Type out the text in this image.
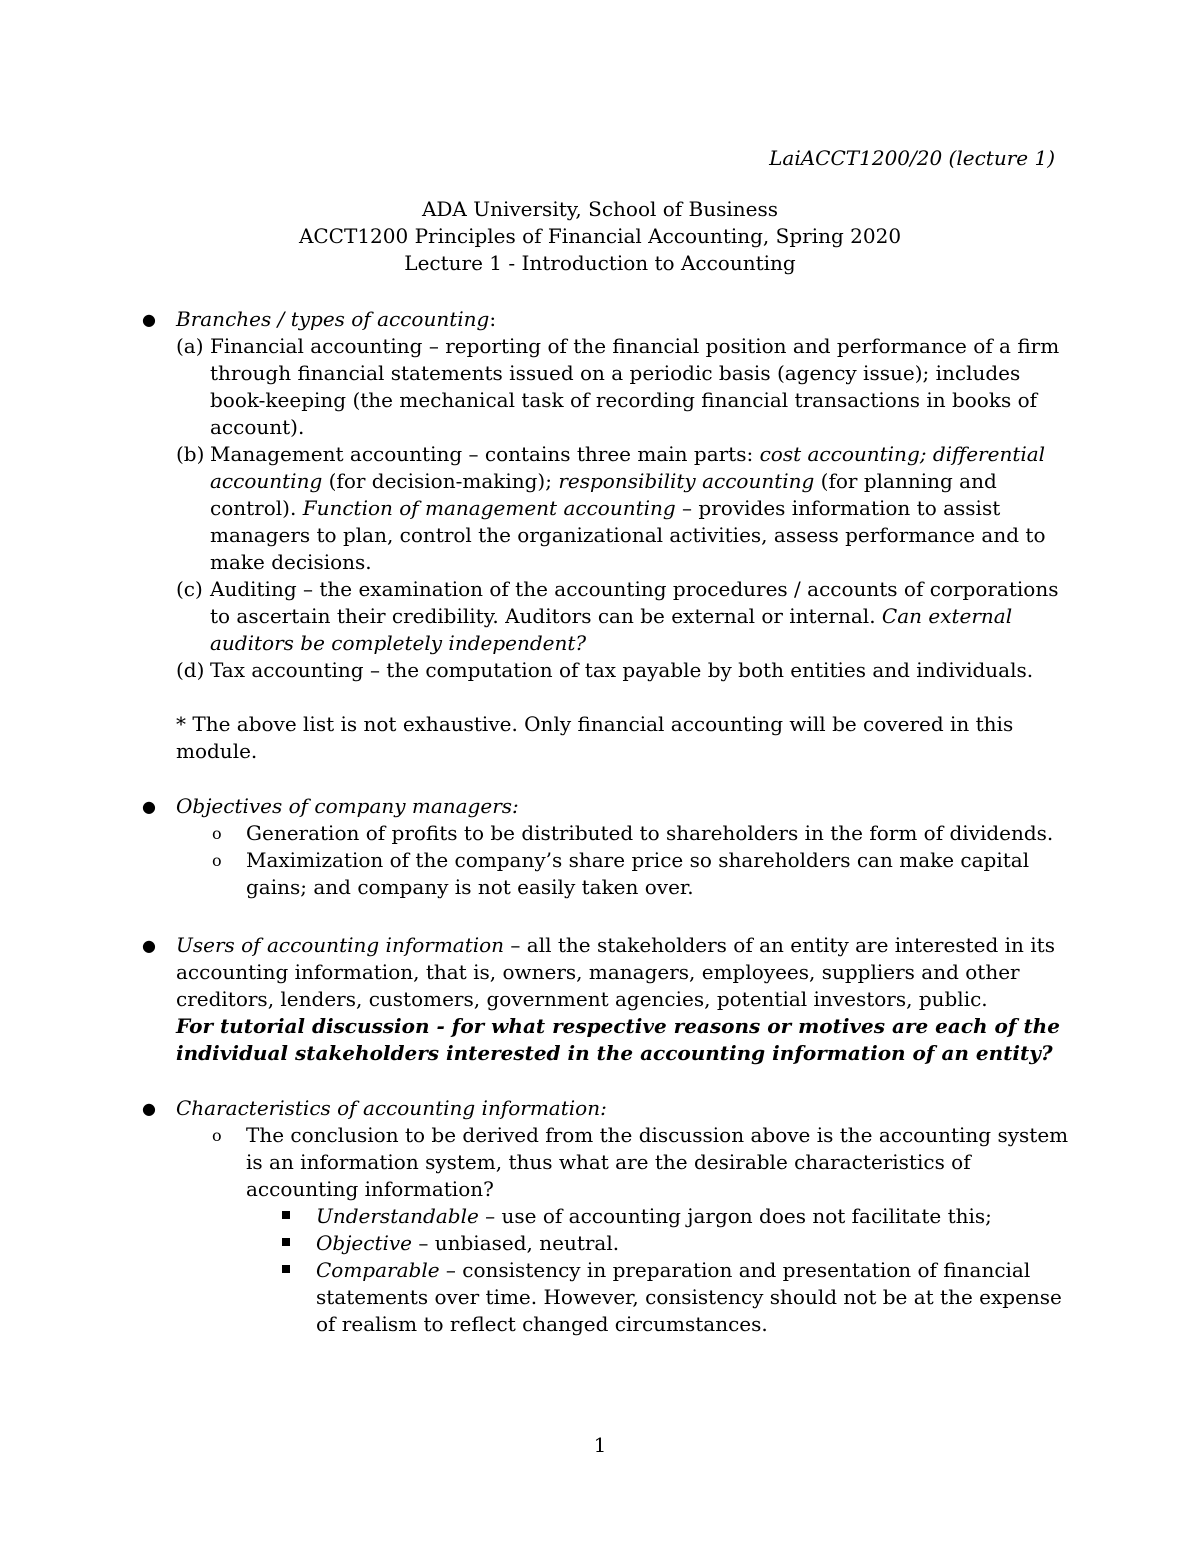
LaiACCT1200/20 (lecture 1)
ADA University, School of Business
ACCT1200 Principles of Financial Accounting, Spring 2020
Lecture 1 - Introduction to Accounting
● Branches / types of accounting:
(a) Financial accounting – reporting of the financial position and performance of a firm through financial statements issued on a periodic basis (agency issue); includes book-keeping (the mechanical task of recording financial transactions in books of account).
(b) Management accounting – contains three main parts: cost accounting; differential accounting (for decision-making); responsibility accounting (for planning and control). Function of management accounting – provides information to assist managers to plan, control the organizational activities, assess performance and to make decisions.
(c) Auditing – the examination of the accounting procedures / accounts of corporations to ascertain their credibility. Auditors can be external or internal. Can external auditors be completely independent?
(d) Tax accounting – the computation of tax payable by both entities and individuals.
* The above list is not exhaustive. Only financial accounting will be covered in this module.
● Objectives of company managers:
o Generation of profits to be distributed to shareholders in the form of dividends.
o Maximization of the company’s share price so shareholders can make capital gains; and company is not easily taken over.
● Users of accounting information – all the stakeholders of an entity are interested in its accounting information, that is, owners, managers, employees, suppliers and other creditors, lenders, customers, government agencies, potential investors, public.
For tutorial discussion - for what respective reasons or motives are each of the individual stakeholders interested in the accounting information of an entity?
● Characteristics of accounting information:
o The conclusion to be derived from the discussion above is the accounting system is an information system, thus what are the desirable characteristics of accounting information?
Understandable – use of accounting jargon does not facilitate this;
Objective – unbiased, neutral.
Comparable – consistency in preparation and presentation of financial statements over time. However, consistency should not be at the expense of realism to reflect changed circumstances.
1
